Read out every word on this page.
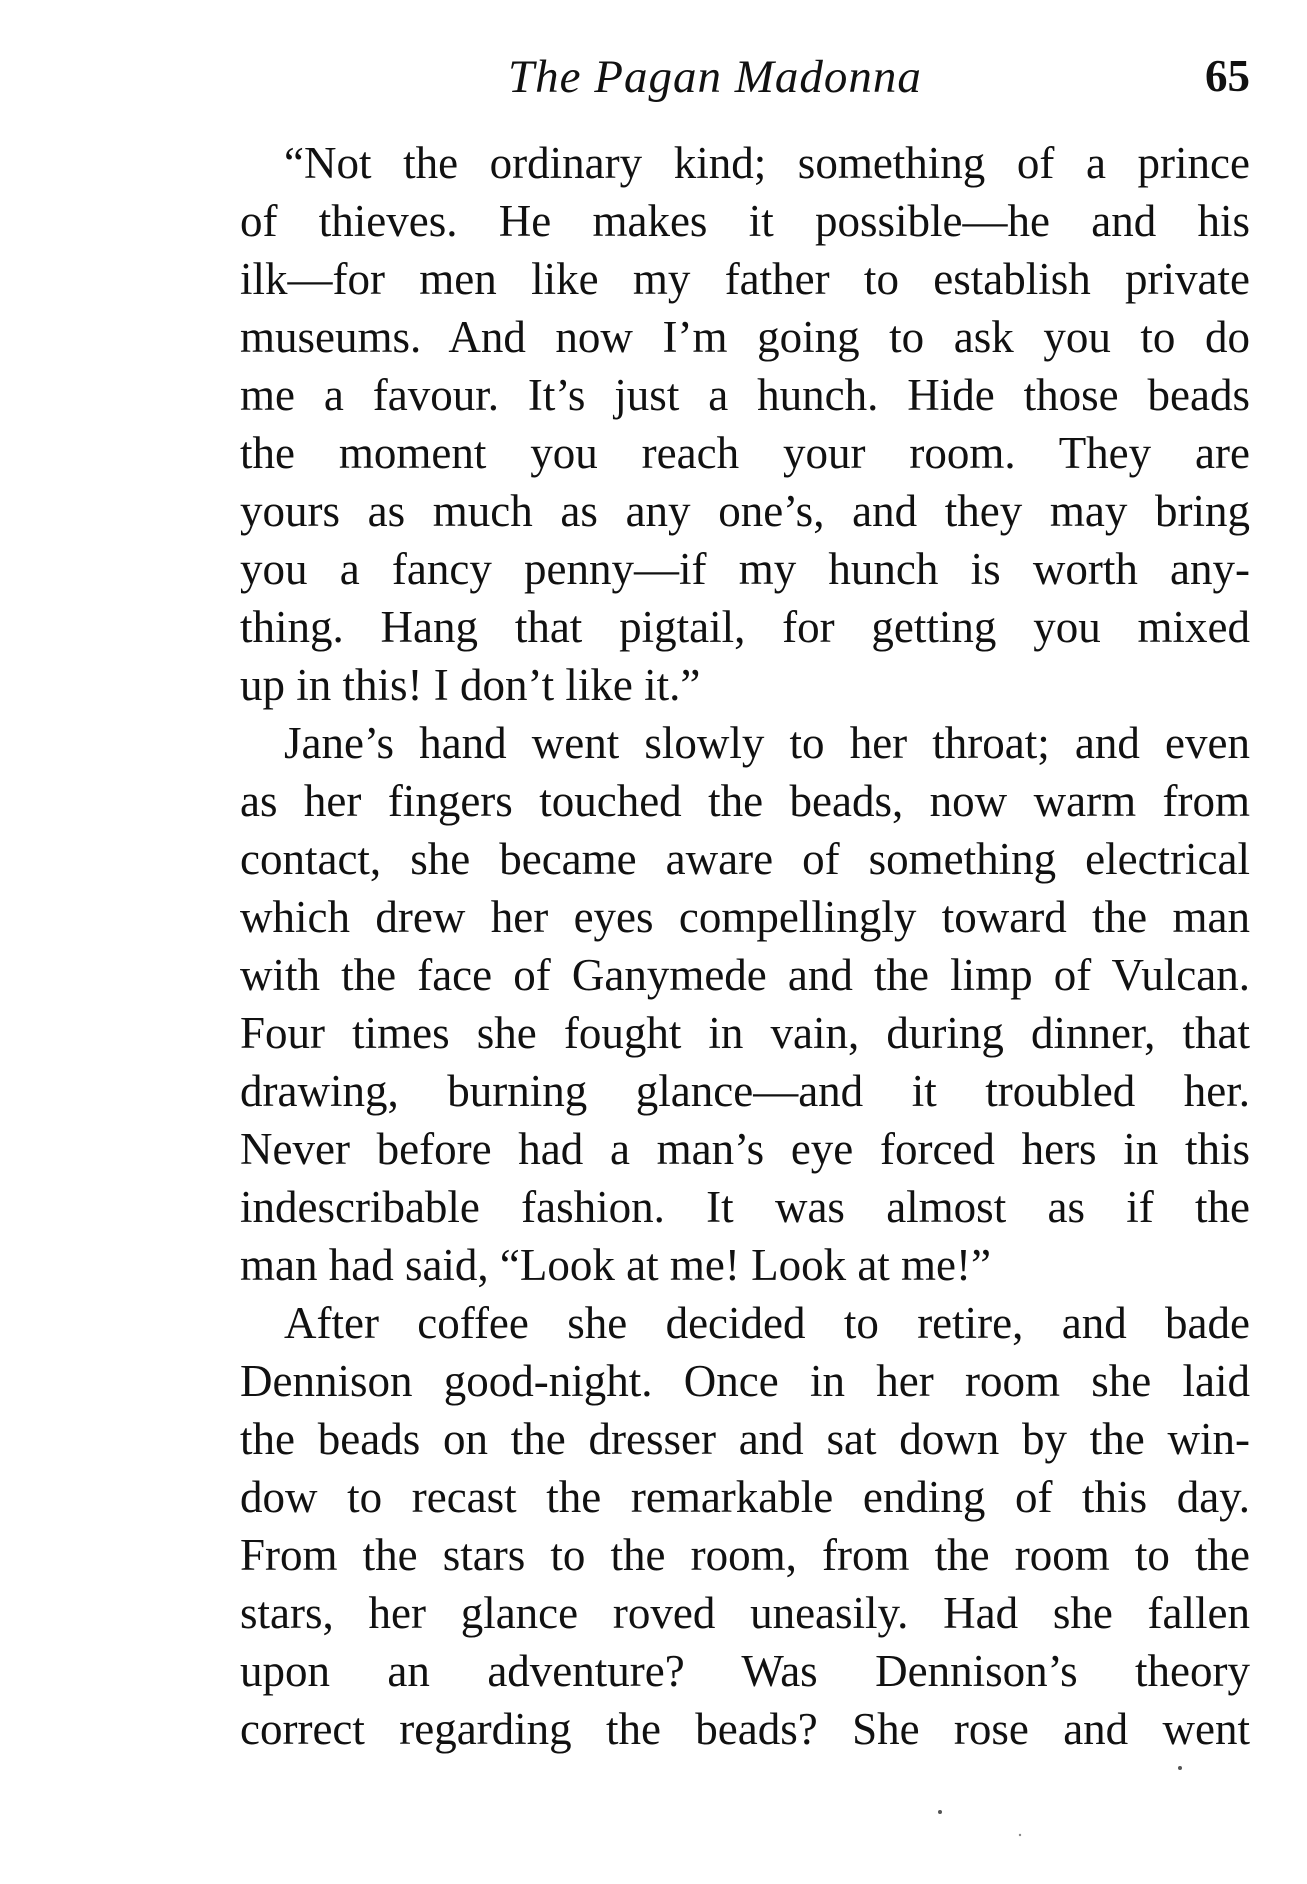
The Pagan Madonna	65
“Not the ordinary kind; something of a prince
of thieves. He makes it possible—he and his
ilk—for men like my father to establish private
museums. And now I’m going to ask you to do
me a favour. It’s just a hunch. Hide those beads
the moment you reach your room. They are
yours as much as any one’s, and they may bring
you a fancy penny—if my hunch is worth any-
thing. Hang that pigtail, for getting you mixed
up in this! I don’t like it.”
Jane’s hand went slowly to her throat; and even
as her fingers touched the beads, now warm from
contact, she became aware of something electrical
which drew her eyes compellingly toward the man
with the face of Ganymede and the limp of Vulcan.
Four times she fought in vain, during dinner, that
drawing, burning glance—and it troubled her.
Never before had a man’s eye forced hers in this
indescribable fashion. It was almost as if the
man had said, “Look at me! Look at me!”
After coffee she decided to retire, and bade
Dennison good-night. Once in her room she laid
the beads on the dresser and sat down by the win-
dow to recast the remarkable ending of this day.
From the stars to the room, from the room to the
stars, her glance roved uneasily. Had she fallen
upon an adventure? Was Dennison’s theory
correct regarding the beads? She rose and went
